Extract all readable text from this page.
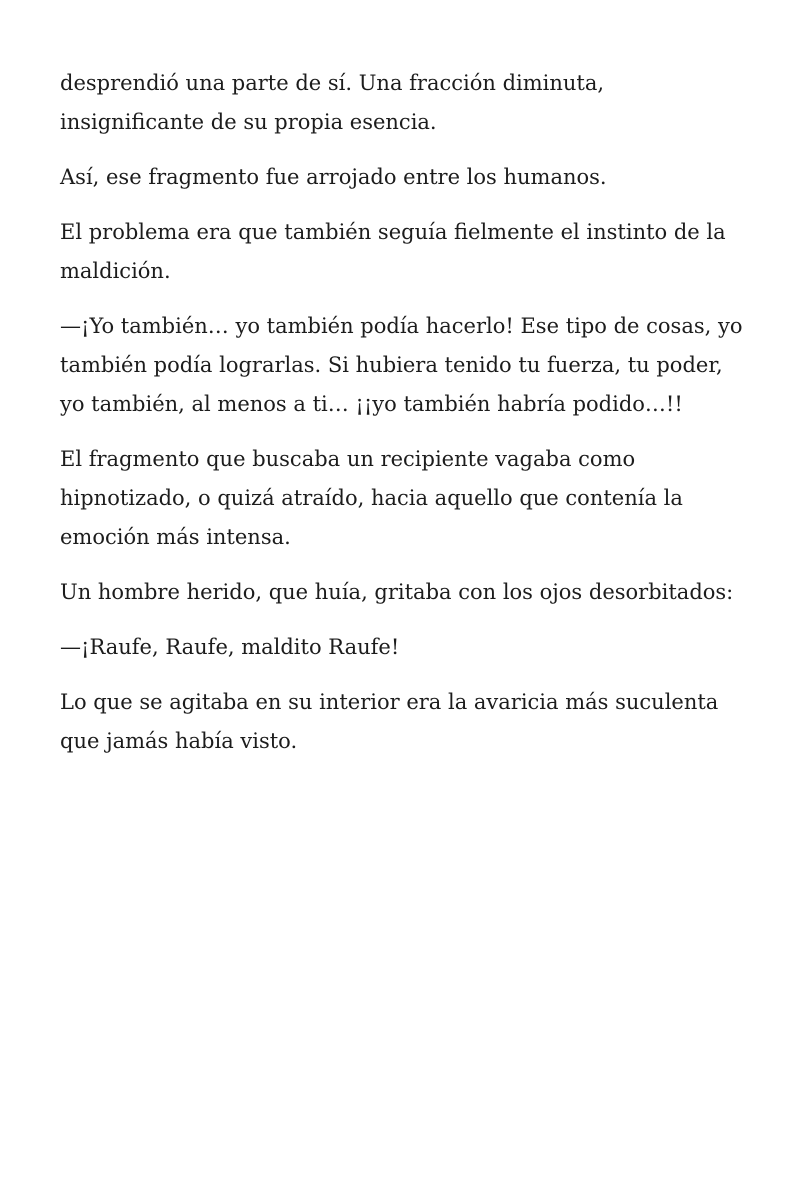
desprendió una parte de sí. Una fracción diminuta, insignificante de su propia esencia.

Así, ese fragmento fue arrojado entre los humanos.

El problema era que también seguía fielmente el instinto de la maldición.

—¡Yo también… yo también podía hacerlo! Ese tipo de cosas, yo también podía lograrlas. Si hubiera tenido tu fuerza, tu poder, yo también, al menos a ti… ¡¡yo también habría podido…!!

El fragmento que buscaba un recipiente vagaba como hipnotizado, o quizá atraído, hacia aquello que contenía la emoción más intensa.

Un hombre herido, que huía, gritaba con los ojos desorbitados:

—¡Raufe, Raufe, maldito Raufe!

Lo que se agitaba en su interior era la avaricia más suculenta que jamás había visto.
